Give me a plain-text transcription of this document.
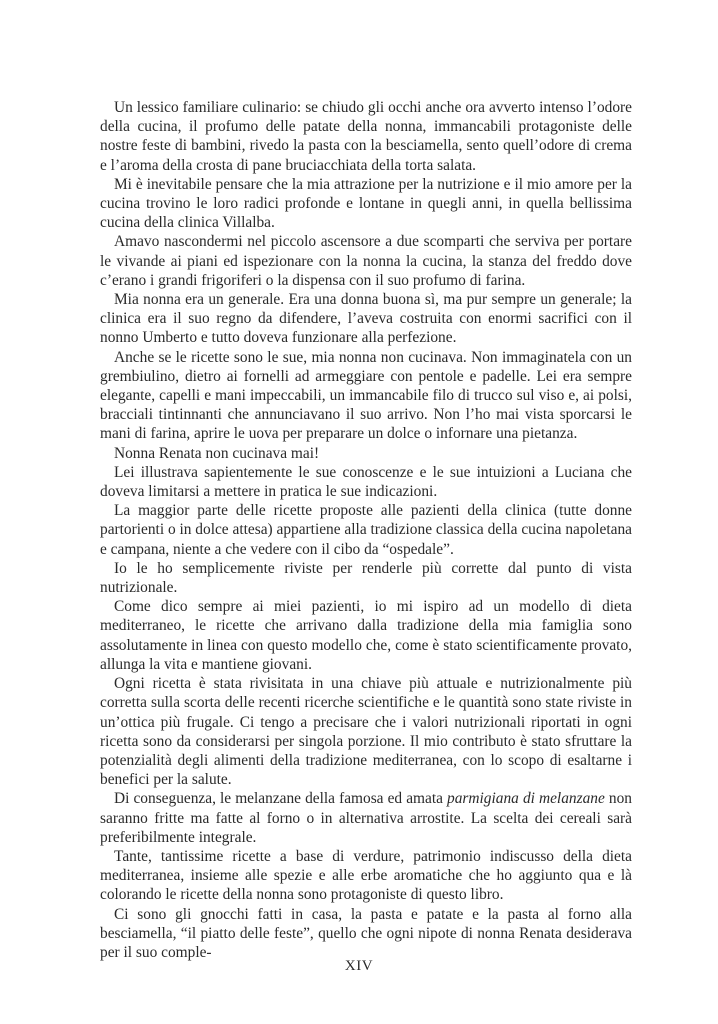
Un lessico familiare culinario: se chiudo gli occhi anche ora avverto intenso l’odore della cucina, il profumo delle patate della nonna, immancabili protagoniste delle nostre feste di bambini, rivedo la pasta con la besciamella, sento quell’odore di crema e l’aroma della crosta di pane bruciacchiata della torta salata.

Mi è inevitabile pensare che la mia attrazione per la nutrizione e il mio amore per la cucina trovino le loro radici profonde e lontane in quegli anni, in quella bellissima cucina della clinica Villalba.

Amavo nascondermi nel piccolo ascensore a due scomparti che serviva per portare le vivande ai piani ed ispezionare con la nonna la cucina, la stanza del freddo dove c’erano i grandi frigoriferi o la dispensa con il suo profumo di farina.

Mia nonna era un generale. Era una donna buona sì, ma pur sempre un generale; la clinica era il suo regno da difendere, l’aveva costruita con enormi sacrifici con il nonno Umberto e tutto doveva funzionare alla perfezione.

Anche se le ricette sono le sue, mia nonna non cucinava. Non immaginatela con un grembiulino, dietro ai fornelli ad armeggiare con pentole e padelle. Lei era sempre elegante, capelli e mani impeccabili, un immancabile filo di trucco sul viso e, ai polsi, bracciali tintinnanti che annunciavano il suo arrivo. Non l’ho mai vista sporcarsi le mani di farina, aprire le uova per preparare un dolce o infornare una pietanza.

Nonna Renata non cucinava mai!

Lei illustrava sapientemente le sue conoscenze e le sue intuizioni a Luciana che doveva limitarsi a mettere in pratica le sue indicazioni.

La maggior parte delle ricette proposte alle pazienti della clinica (tutte donne partorienti o in dolce attesa) appartiene alla tradizione classica della cucina napoletana e campana, niente a che vedere con il cibo da “ospedale”.

Io le ho semplicemente riviste per renderle più corrette dal punto di vista nutrizionale.

Come dico sempre ai miei pazienti, io mi ispiro ad un modello di dieta mediterraneo, le ricette che arrivano dalla tradizione della mia famiglia sono assolutamente in linea con questo modello che, come è stato scientificamente provato, allunga la vita e mantiene giovani.

Ogni ricetta è stata rivisitata in una chiave più attuale e nutrizionalmente più corretta sulla scorta delle recenti ricerche scientifiche e le quantità sono state riviste in un’ottica più frugale. Ci tengo a precisare che i valori nutrizionali riportati in ogni ricetta sono da considerarsi per singola porzione. Il mio contributo è stato sfruttare la potenzialità degli alimenti della tradizione mediterranea, con lo scopo di esaltarne i benefici per la salute.

Di conseguenza, le melanzane della famosa ed amata parmigiana di melanzane non saranno fritte ma fatte al forno o in alternativa arrostite. La scelta dei cereali sarà preferibilmente integrale.

Tante, tantissime ricette a base di verdure, patrimonio indiscusso della dieta mediterranea, insieme alle spezie e alle erbe aromatiche che ho aggiunto qua e là colorando le ricette della nonna sono protagoniste di questo libro.

Ci sono gli gnocchi fatti in casa, la pasta e patate e la pasta al forno alla besciamella, “il piatto delle feste”, quello che ogni nipote di nonna Renata desiderava per il suo comple-

XIV
